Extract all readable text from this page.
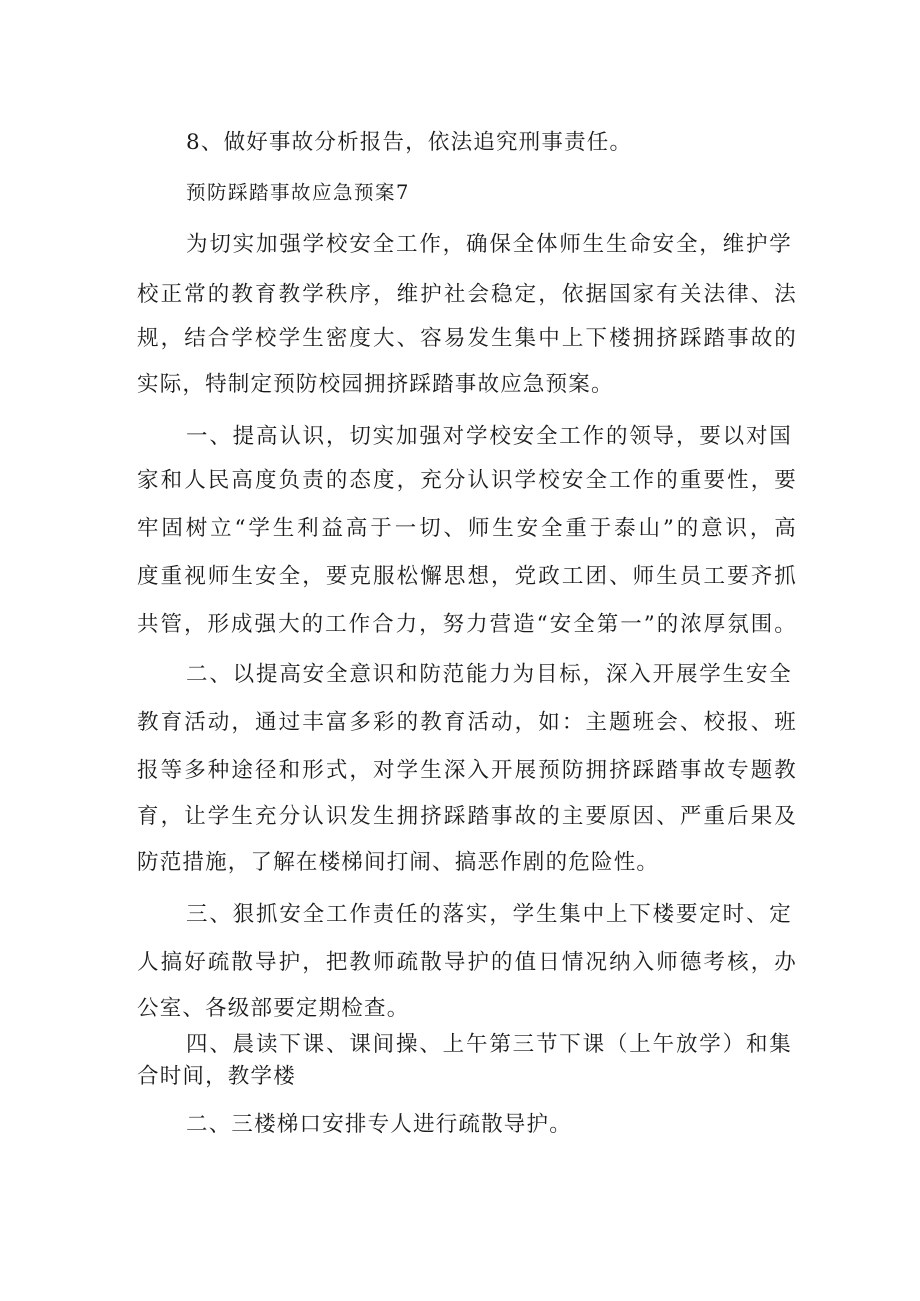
8、做好事故分析报告，依法追究刑事责任。
预防踩踏事故应急预案7
为切实加强学校安全工作，确保全体师生生命安全，维护学
校正常的教育教学秩序，维护社会稳定，依据国家有关法律、法
规，结合学校学生密度大、容易发生集中上下楼拥挤踩踏事故的
实际，特制定预防校园拥挤踩踏事故应急预案。
一、提高认识，切实加强对学校安全工作的领导，要以对国
家和人民高度负责的态度，充分认识学校安全工作的重要性，要
牢固树立“学生利益高于一切、师生安全重于泰山”的意识，高
度重视师生安全，要克服松懈思想，党政工团、师生员工要齐抓
共管，形成强大的工作合力，努力营造“安全第一”的浓厚氛围。
二、以提高安全意识和防范能力为目标，深入开展学生安全
教育活动，通过丰富多彩的教育活动，如：主题班会、校报、班
报等多种途径和形式，对学生深入开展预防拥挤踩踏事故专题教
育，让学生充分认识发生拥挤踩踏事故的主要原因、严重后果及
防范措施，了解在楼梯间打闹、搞恶作剧的危险性。
三、狠抓安全工作责任的落实，学生集中上下楼要定时、定
人搞好疏散导护，把教师疏散导护的值日情况纳入师德考核，办
公室、各级部要定期检查。
四、晨读下课、课间操、上午第三节下课（上午放学）和集
合时间，教学楼
二、三楼梯口安排专人进行疏散导护。
